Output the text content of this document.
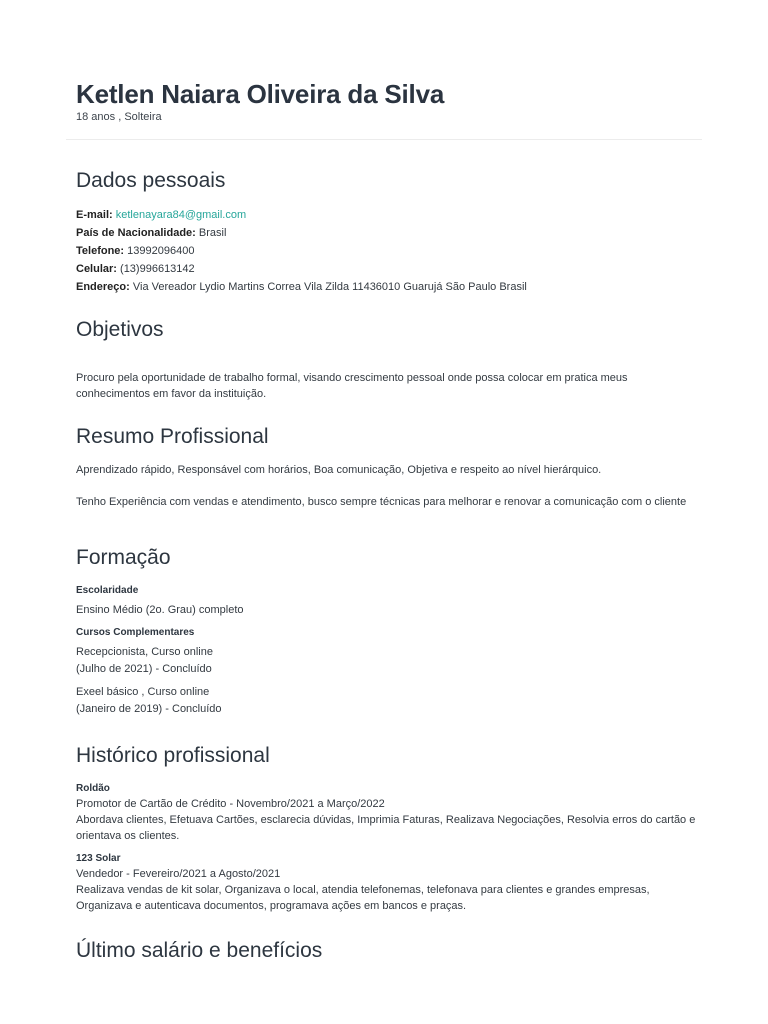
Ketlen Naiara Oliveira da Silva
18 anos , Solteira
Dados pessoais
E-mail: ketlenayara84@gmail.com
País de Nacionalidade: Brasil
Telefone: 13992096400
Celular: (13)996613142
Endereço: Via Vereador Lydio Martins Correa Vila Zilda 11436010 Guarujá São Paulo Brasil
Objetivos

Procuro pela oportunidade de trabalho formal, visando crescimento pessoal onde possa colocar em pratica meus conhecimentos em favor da instituição.

Resumo Profissional

Aprendizado rápido, Responsável com horários, Boa comunicação, Objetiva e respeito ao nível hierárquico.

Tenho Experiência com vendas e atendimento, busco sempre técnicas para melhorar e renovar a comunicação com o cliente

Formação
Escolaridade
Ensino Médio (2o. Grau) completo
Cursos Complementares
Recepcionista, Curso online
(Julho de 2021) - Concluído
Exeel básico , Curso online
(Janeiro de 2019) - Concluído
Histórico profissional
Roldão

Promotor de Cartão de Crédito - Novembro/2021 a Março/2022

Abordava clientes, Efetuava Cartões, esclarecia dúvidas, Imprimia Faturas, Realizava Negociações, Resolvia erros do cartão e orientava os clientes.

123 Solar

Vendedor - Fevereiro/2021 a Agosto/2021

Realizava vendas de kit solar, Organizava o local, atendia telefonemas, telefonava para clientes e grandes empresas, Organizava e autenticava documentos, programava ações em bancos e praças.

Último salário e benefícios
